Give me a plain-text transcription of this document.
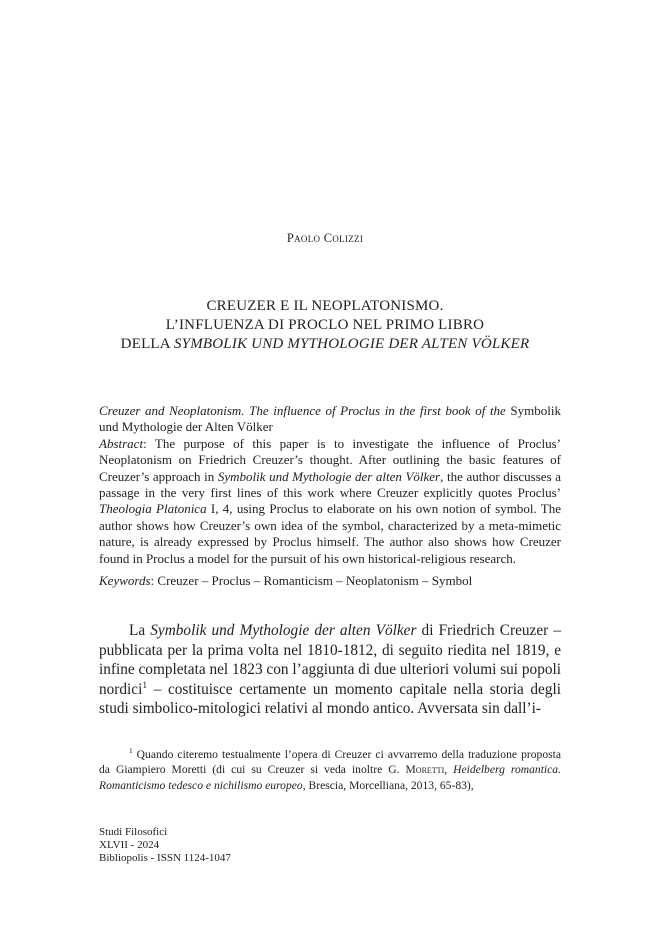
Paolo Colizzi
CREUZER E IL NEOPLATONISMO.
L’INFLUENZA DI PROCLO NEL PRIMO LIBRO
DELLA SYMBOLIK UND MYTHOLOGIE DER ALTEN VÖLKER

Creuzer and Neoplatonism. The influence of Proclus in the first book of the Symbolik und Mythologie der Alten Völker

Abstract: The purpose of this paper is to investigate the influence of Proclus’ Neoplatonism on Friedrich Creuzer’s thought. After outlining the basic features of Creuzer’s approach in Symbolik und Mythologie der alten Völker, the author discusses a passage in the very first lines of this work where Creuzer explicitly quotes Proclus’ Theologia Platonica I, 4, using Proclus to elaborate on his own notion of symbol. The author shows how Creuzer’s own idea of the symbol, characterized by a meta-mimetic nature, is already expressed by Proclus himself. The author also shows how Creuzer found in Proclus a model for the pursuit of his own historical-religious research.

Keywords: Creuzer – Proclus – Romanticism – Neoplatonism – Symbol

La Symbolik und Mythologie der alten Völker di Friedrich Creuzer – pubblicata per la prima volta nel 1810-1812, di seguito riedita nel 1819, e infine completata nel 1823 con l’aggiunta di due ulteriori volumi sui popoli nordici$^1$ – costituisce certamente un momento capitale nella storia degli studi simbolico-mitologici relativi al mondo antico. Avversata sin dall’i-

$^1$ Quando citeremo testualmente l’opera di Creuzer ci avvarremo della traduzione proposta da Giampiero Moretti (di cui su Creuzer si veda inoltre G. Moretti, Heidelberg romantica. Romanticismo tedesco e nichilismo europeo, Brescia, Morcelliana, 2013, 65-83),

Studi Filosofici
XLVII - 2024
Bibliopolis - ISSN 1124-1047
